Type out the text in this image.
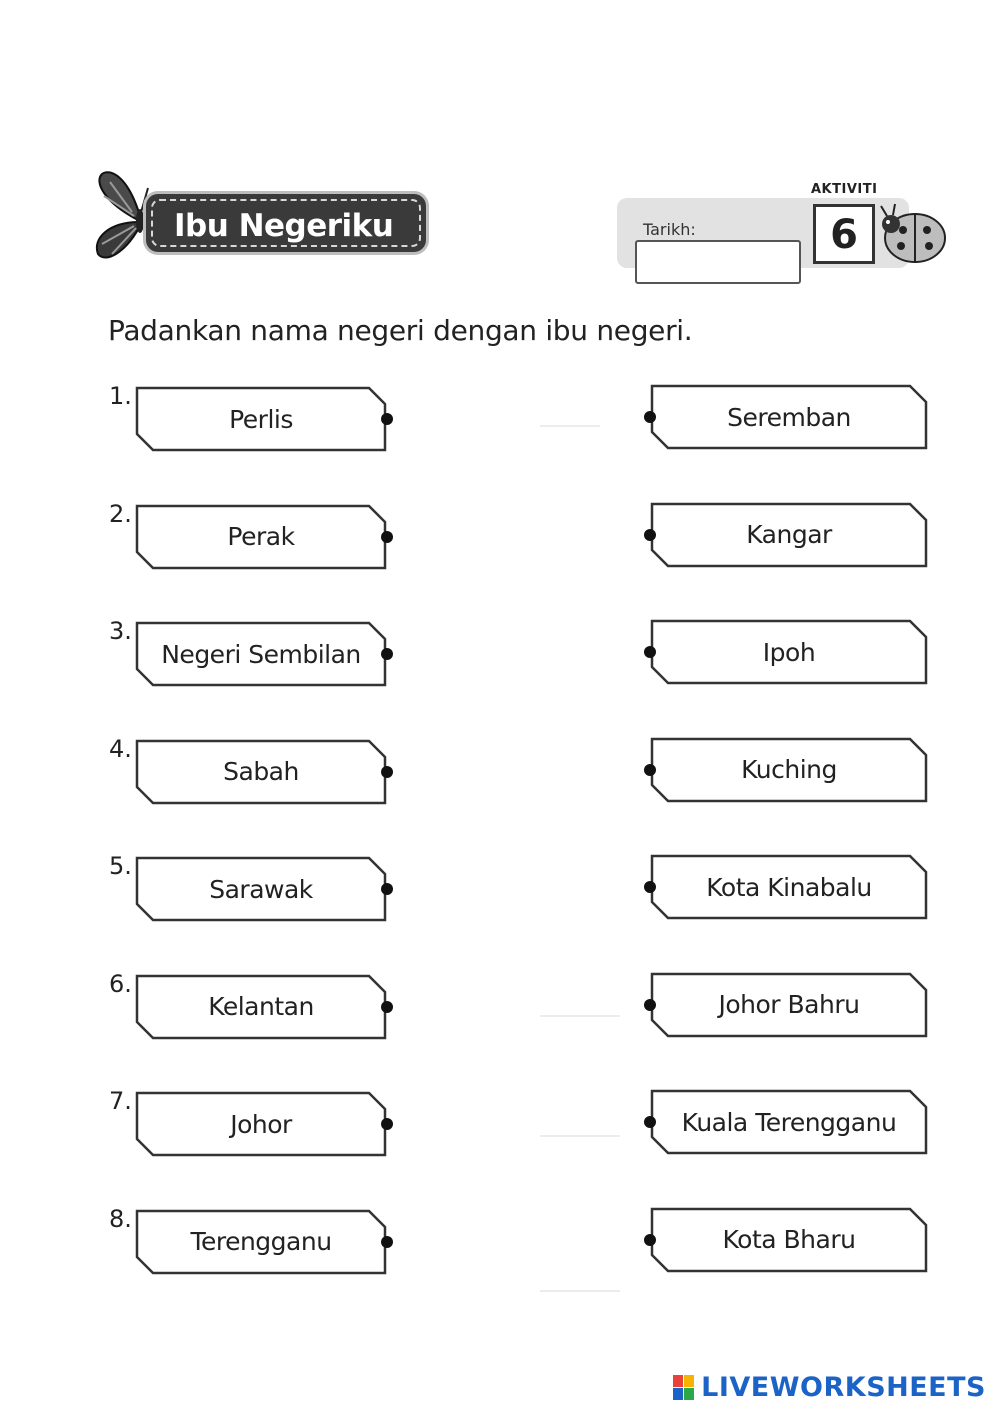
Ibu Negeriku	Tarikh:
AKTIVITI
6
Padankan nama negeri dengan ibu negeri.
1.
Perlis
2.
Perak
3.
Negeri Sembilan
4.
Sabah
5.
Sarawak
6.
Kelantan
7.
Johor
8.
Terengganu
Seremban
Kangar
Ipoh
Kuching
Kota Kinabalu
Johor Bahru
Kuala Terengganu
Kota Bharu
LIVEWORKSHEETS
